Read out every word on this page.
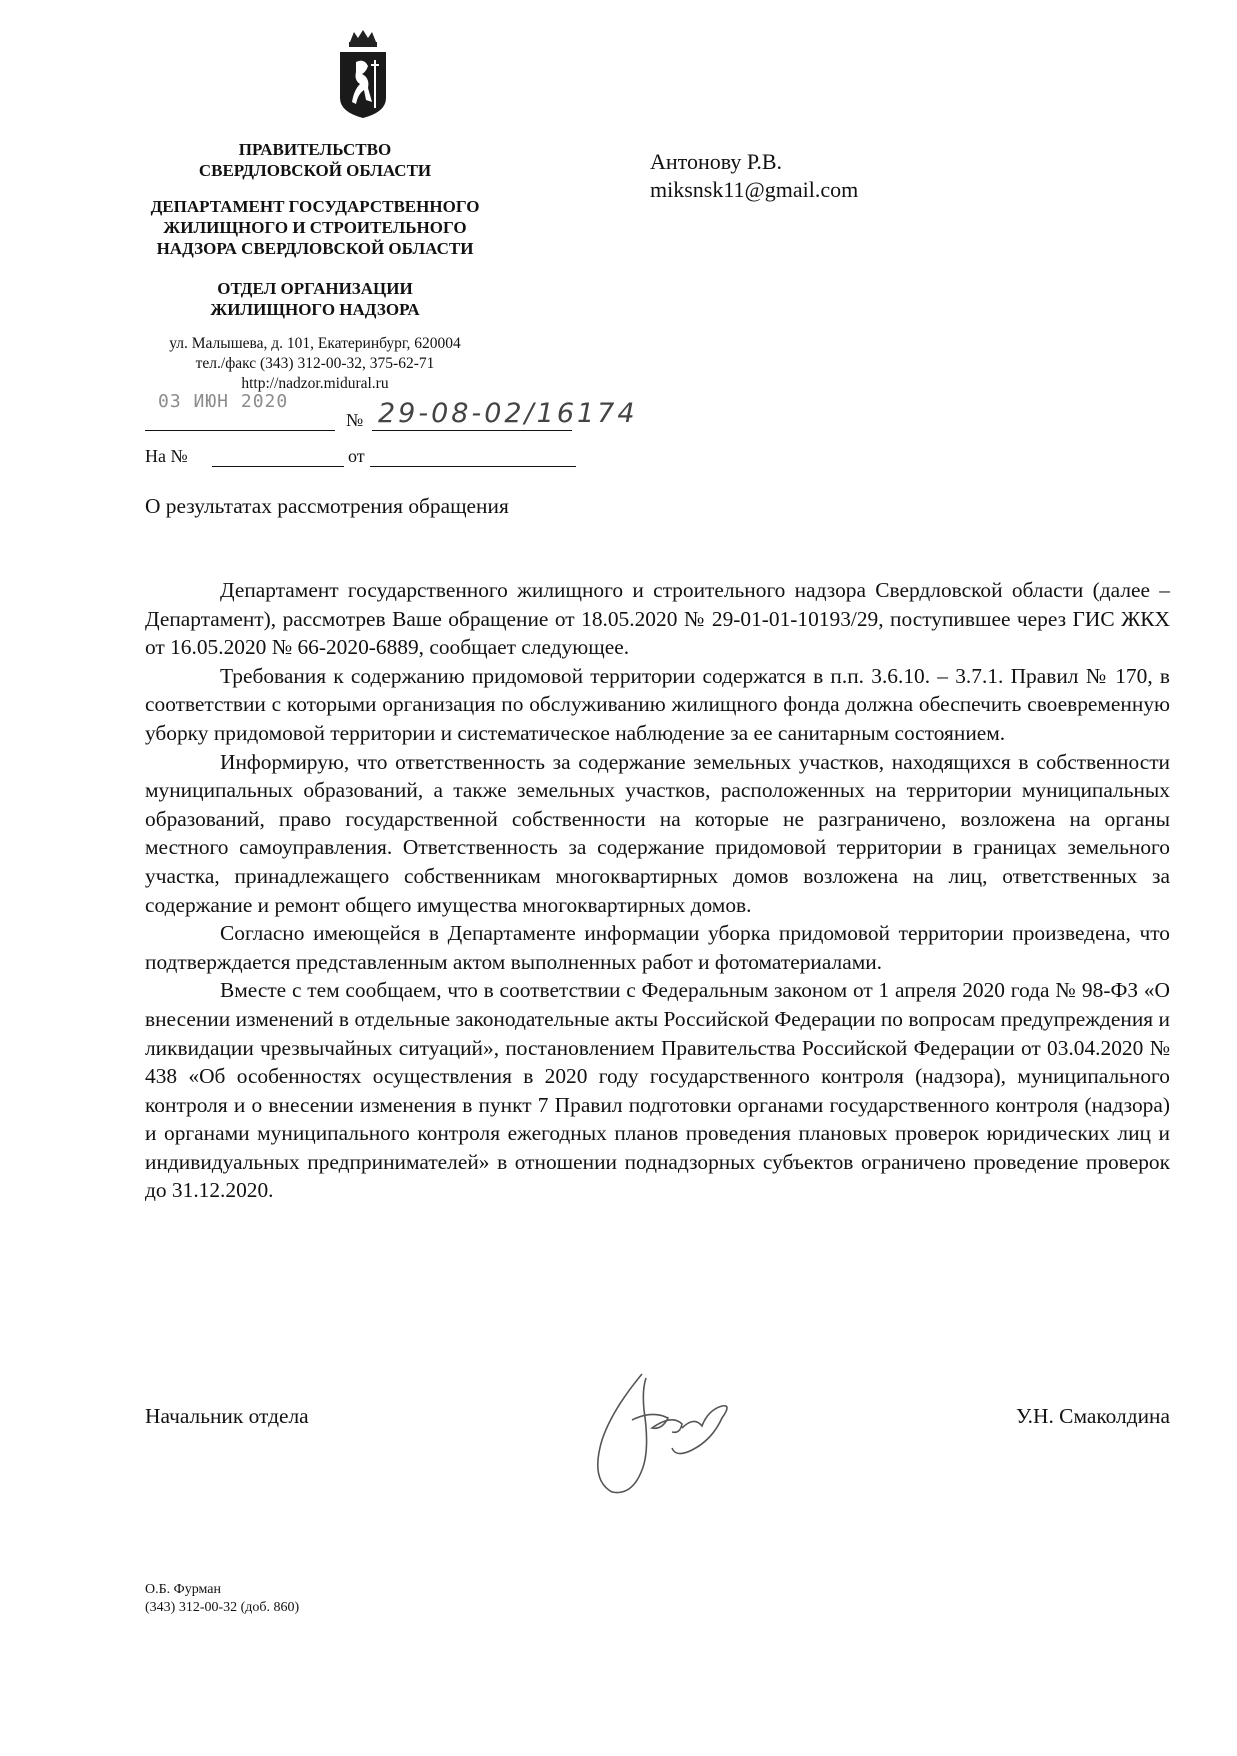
ПРАВИТЕЛЬСТВО
СВЕРДЛОВСКОЙ ОБЛАСТИ
ДЕПАРТАМЕНТ ГОСУДАРСТВЕННОГО
ЖИЛИЩНОГО И СТРОИТЕЛЬНОГО
НАДЗОРА СВЕРДЛОВСКОЙ ОБЛАСТИ
ОТДЕЛ ОРГАНИЗАЦИИ
ЖИЛИЩНОГО НАДЗОРА
ул. Малышева, д. 101, Екатеринбург, 620004
тел./факс (343) 312-00-32, 375-62-71
http://nadzor.midural.ru
Антонову Р.В.
miksnsk11@gmail.com
03 ИЮН 2020
№ 29-08-02/16174
На №	от
О результатах рассмотрения обращения

Департамент государственного жилищного и строительного надзора Свердловской области (далее – Департамент), рассмотрев Ваше обращение от 18.05.2020 № 29-01-01-10193/29, поступившее через ГИС ЖКХ от 16.05.2020 № 66-2020-6889, сообщает следующее.

Требования к содержанию придомовой территории содержатся в п.п. 3.6.10. – 3.7.1. Правил № 170, в соответствии с которыми организация по обслуживанию жилищного фонда должна обеспечить своевременную уборку придомовой территории и систематическое наблюдение за ее санитарным состоянием.

Информирую, что ответственность за содержание земельных участков, находящихся в собственности муниципальных образований, а также земельных участков, расположенных на территории муниципальных образований, право государственной собственности на которые не разграничено, возложена на органы местного самоуправления. Ответственность за содержание придомовой территории в границах земельного участка, принадлежащего собственникам многоквартирных домов возложена на лиц, ответственных за содержание и ремонт общего имущества многоквартирных домов.

Согласно имеющейся в Департаменте информации уборка придомовой территории произведена, что подтверждается представленным актом выполненных работ и фотоматериалами.

Вместе с тем сообщаем, что в соответствии с Федеральным законом от 1 апреля 2020 года № 98-ФЗ «О внесении изменений в отдельные законодательные акты Российской Федерации по вопросам предупреждения и ликвидации чрезвычайных ситуаций», постановлением Правительства Российской Федерации от 03.04.2020 № 438 «Об особенностях осуществления в 2020 году государственного контроля (надзора), муниципального контроля и о внесении изменения в пункт 7 Правил подготовки органами государственного контроля (надзора) и органами муниципального контроля ежегодных планов проведения плановых проверок юридических лиц и индивидуальных предпринимателей» в отношении поднадзорных субъектов ограничено проведение проверок до 31.12.2020.

Начальник отдела	У.Н. Смаколдина
О.Б. Фурман
(343) 312-00-32 (доб. 860)
